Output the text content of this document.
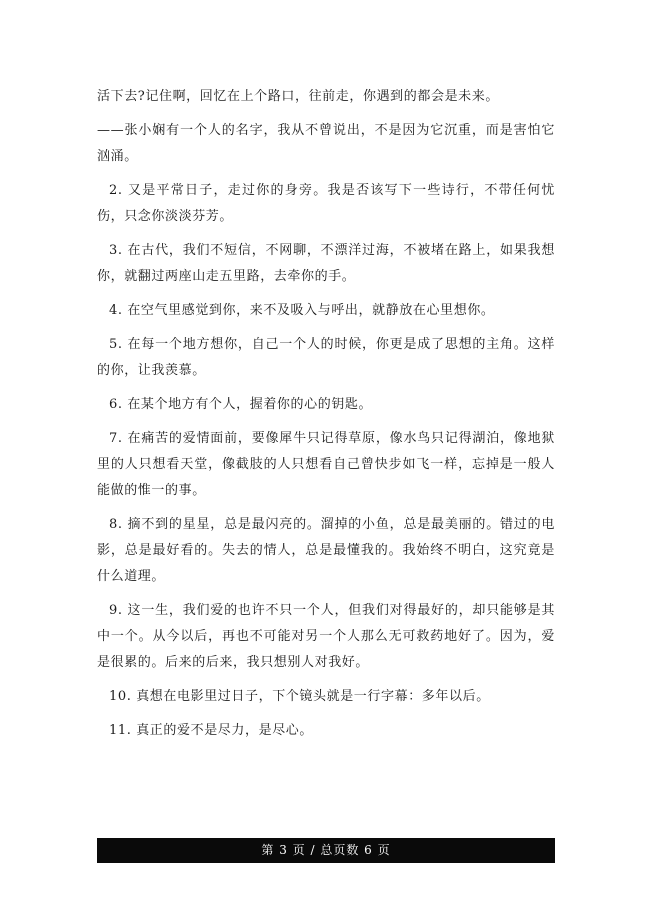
活下去?记住啊，回忆在上个路口，往前走，你遇到的都会是未来。

——张小娴有一个人的名字，我从不曾说出，不是因为它沉重，而是害怕它汹涌。

2. 又是平常日子，走过你的身旁。我是否该写下一些诗行，不带任何忧伤，只念你淡淡芬芳。

3. 在古代，我们不短信，不网聊，不漂洋过海，不被堵在路上，如果我想你，就翻过两座山走五里路，去牵你的手。

4. 在空气里感觉到你，来不及吸入与呼出，就静放在心里想你。

5. 在每一个地方想你，自己一个人的时候，你更是成了思想的主角。这样的你，让我羡慕。

6. 在某个地方有个人，握着你的心的钥匙。

7. 在痛苦的爱情面前，要像犀牛只记得草原，像水鸟只记得湖泊，像地狱里的人只想看天堂，像截肢的人只想看自己曾快步如飞一样，忘掉是一般人能做的惟一的事。

8. 摘不到的星星，总是最闪亮的。溜掉的小鱼，总是最美丽的。错过的电影，总是最好看的。失去的情人，总是最懂我的。我始终不明白，这究竟是什么道理。

9. 这一生，我们爱的也许不只一个人，但我们对得最好的，却只能够是其中一个。从今以后，再也不可能对另一个人那么无可救药地好了。因为，爱是很累的。后来的后来，我只想别人对我好。

10. 真想在电影里过日子，下个镜头就是一行字幕：多年以后。

11. 真正的爱不是尽力，是尽心。

第 3 页 / 总页数 6 页
